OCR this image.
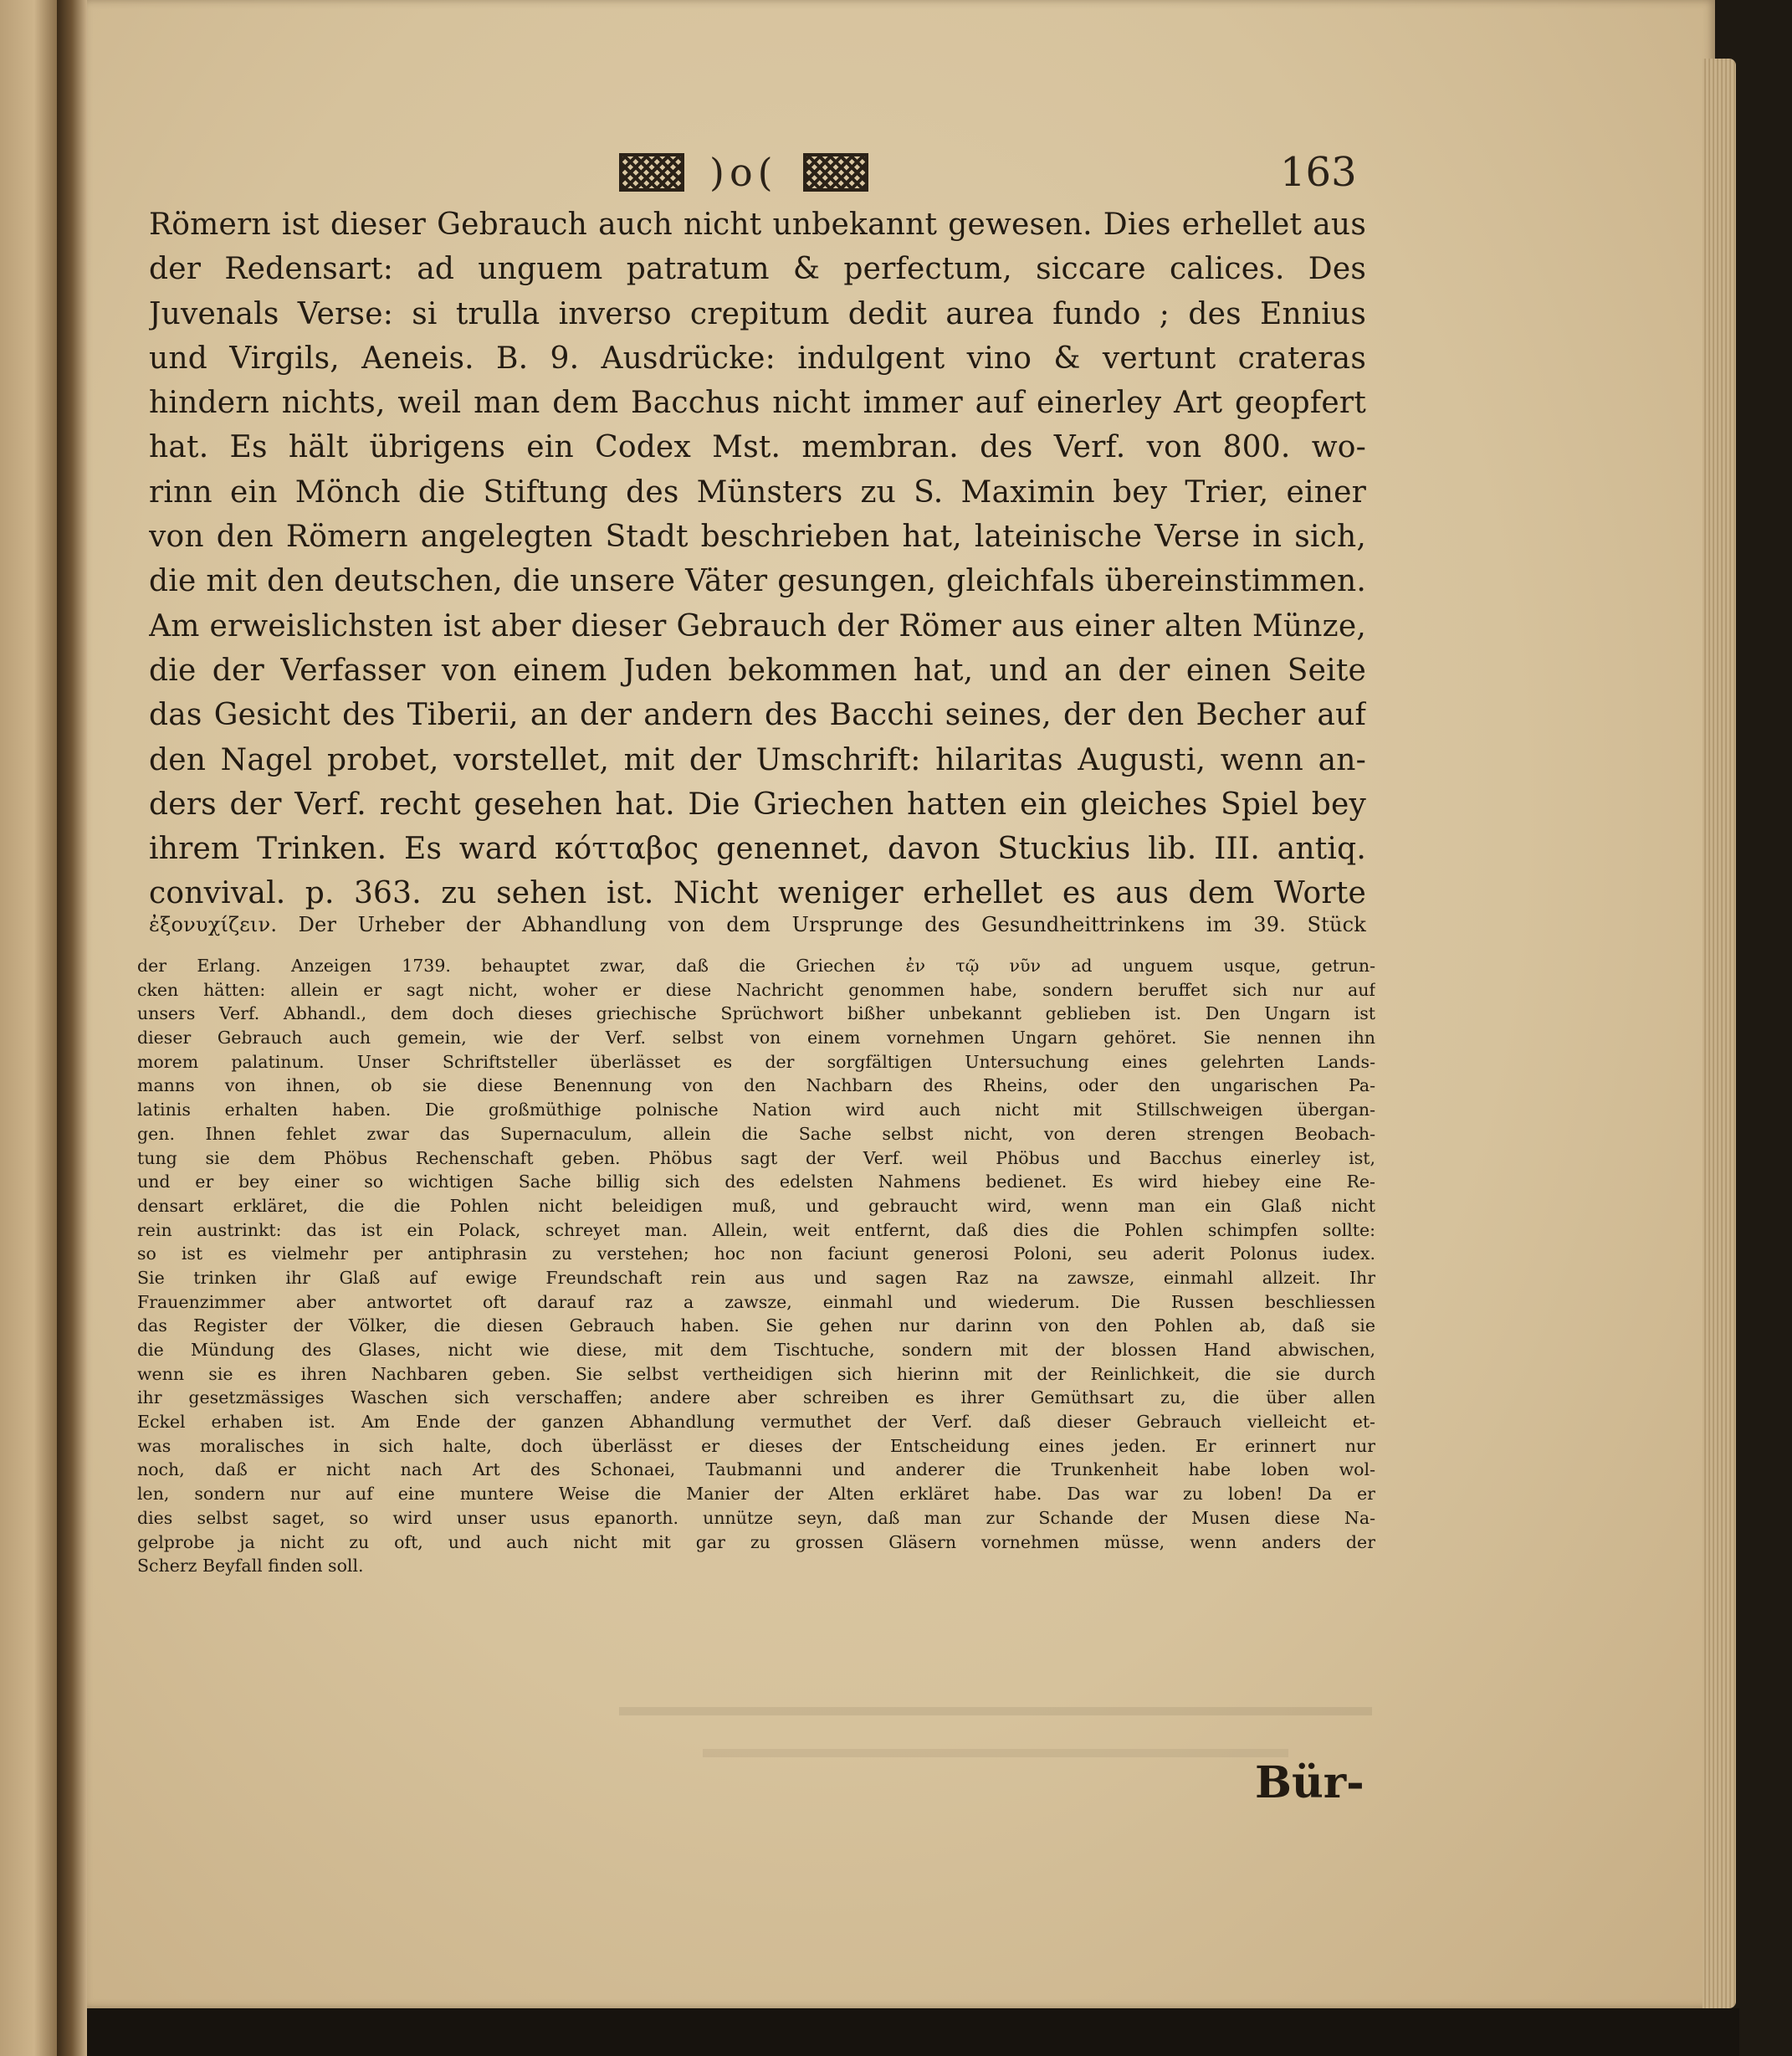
)o(	163
Römern ist dieser Gebrauch auch nicht unbekannt gewesen. Dies erhellet aus
der Redensart: ad unguem patratum & perfectum, siccare calices. Des
Juvenals Verse: si trulla inverso crepitum dedit aurea fundo ; des Ennius
und Virgils, Aeneis. B. 9. Ausdrücke: indulgent vino & vertunt crateras
hindern nichts, weil man dem Bacchus nicht immer auf einerley Art geopfert
hat. Es hält übrigens ein Codex Mst. membran. des Verf. von 800. wo-
rinn ein Mönch die Stiftung des Münsters zu S. Maximin bey Trier, einer
von den Römern angelegten Stadt beschrieben hat, lateinische Verse in sich,
die mit den deutschen, die unsere Väter gesungen, gleichfals übereinstimmen.
Am erweislichsten ist aber dieser Gebrauch der Römer aus einer alten Münze,
die der Verfasser von einem Juden bekommen hat, und an der einen Seite
das Gesicht des Tiberii, an der andern des Bacchi seines, der den Becher auf
den Nagel probet, vorstellet, mit der Umschrift: hilaritas Augusti, wenn an-
ders der Verf. recht gesehen hat. Die Griechen hatten ein gleiches Spiel bey
ihrem Trinken. Es ward κότταβος genennet, davon Stuckius lib. III. antiq.
convival. p. 363. zu sehen ist. Nicht weniger erhellet es aus dem Worte
ἐξονυχίζειν. Der Urheber der Abhandlung von dem Ursprunge des Gesundheittrinkens im 39. Stück
der Erlang. Anzeigen 1739. behauptet zwar, daß die Griechen ἐν τῷ νῦν ad unguem usque, getrun-
cken hätten: allein er sagt nicht, woher er diese Nachricht genommen habe, sondern beruffet sich nur auf
unsers Verf. Abhandl., dem doch dieses griechische Sprüchwort bißher unbekannt geblieben ist. Den Ungarn ist
dieser Gebrauch auch gemein, wie der Verf. selbst von einem vornehmen Ungarn gehöret. Sie nennen ihn
morem palatinum. Unser Schriftsteller überlässet es der sorgfältigen Untersuchung eines gelehrten Lands-
manns von ihnen, ob sie diese Benennung von den Nachbarn des Rheins, oder den ungarischen Pa-
latinis erhalten haben. Die großmüthige polnische Nation wird auch nicht mit Stillschweigen übergan-
gen. Ihnen fehlet zwar das Supernaculum, allein die Sache selbst nicht, von deren strengen Beobach-
tung sie dem Phöbus Rechenschaft geben. Phöbus sagt der Verf. weil Phöbus und Bacchus einerley ist,
und er bey einer so wichtigen Sache billig sich des edelsten Nahmens bedienet. Es wird hiebey eine Re-
densart erkläret, die die Pohlen nicht beleidigen muß, und gebraucht wird, wenn man ein Glaß nicht
rein austrinkt: das ist ein Polack, schreyet man. Allein, weit entfernt, daß dies die Pohlen schimpfen sollte:
so ist es vielmehr per antiphrasin zu verstehen; hoc non faciunt generosi Poloni, seu aderit Polonus iudex.
Sie trinken ihr Glaß auf ewige Freundschaft rein aus und sagen Raz na zawsze, einmahl allzeit. Ihr
Frauenzimmer aber antwortet oft darauf raz a zawsze, einmahl und wiederum. Die Russen beschliessen
das Register der Völker, die diesen Gebrauch haben. Sie gehen nur darinn von den Pohlen ab, daß sie
die Mündung des Glases, nicht wie diese, mit dem Tischtuche, sondern mit der blossen Hand abwischen,
wenn sie es ihren Nachbaren geben. Sie selbst vertheidigen sich hierinn mit der Reinlichkeit, die sie durch
ihr gesetzmässiges Waschen sich verschaffen; andere aber schreiben es ihrer Gemüthsart zu, die über allen
Eckel erhaben ist. Am Ende der ganzen Abhandlung vermuthet der Verf. daß dieser Gebrauch vielleicht et-
was moralisches in sich halte, doch überlässt er dieses der Entscheidung eines jeden. Er erinnert nur
noch, daß er nicht nach Art des Schonaei, Taubmanni und anderer die Trunkenheit habe loben wol-
len, sondern nur auf eine muntere Weise die Manier der Alten erkläret habe. Das war zu loben! Da er
dies selbst saget, so wird unser usus epanorth. unnütze seyn, daß man zur Schande der Musen diese Na-
gelprobe ja nicht zu oft, und auch nicht mit gar zu grossen Gläsern vornehmen müsse, wenn anders der
Scherz Beyfall finden soll.
Bür-
